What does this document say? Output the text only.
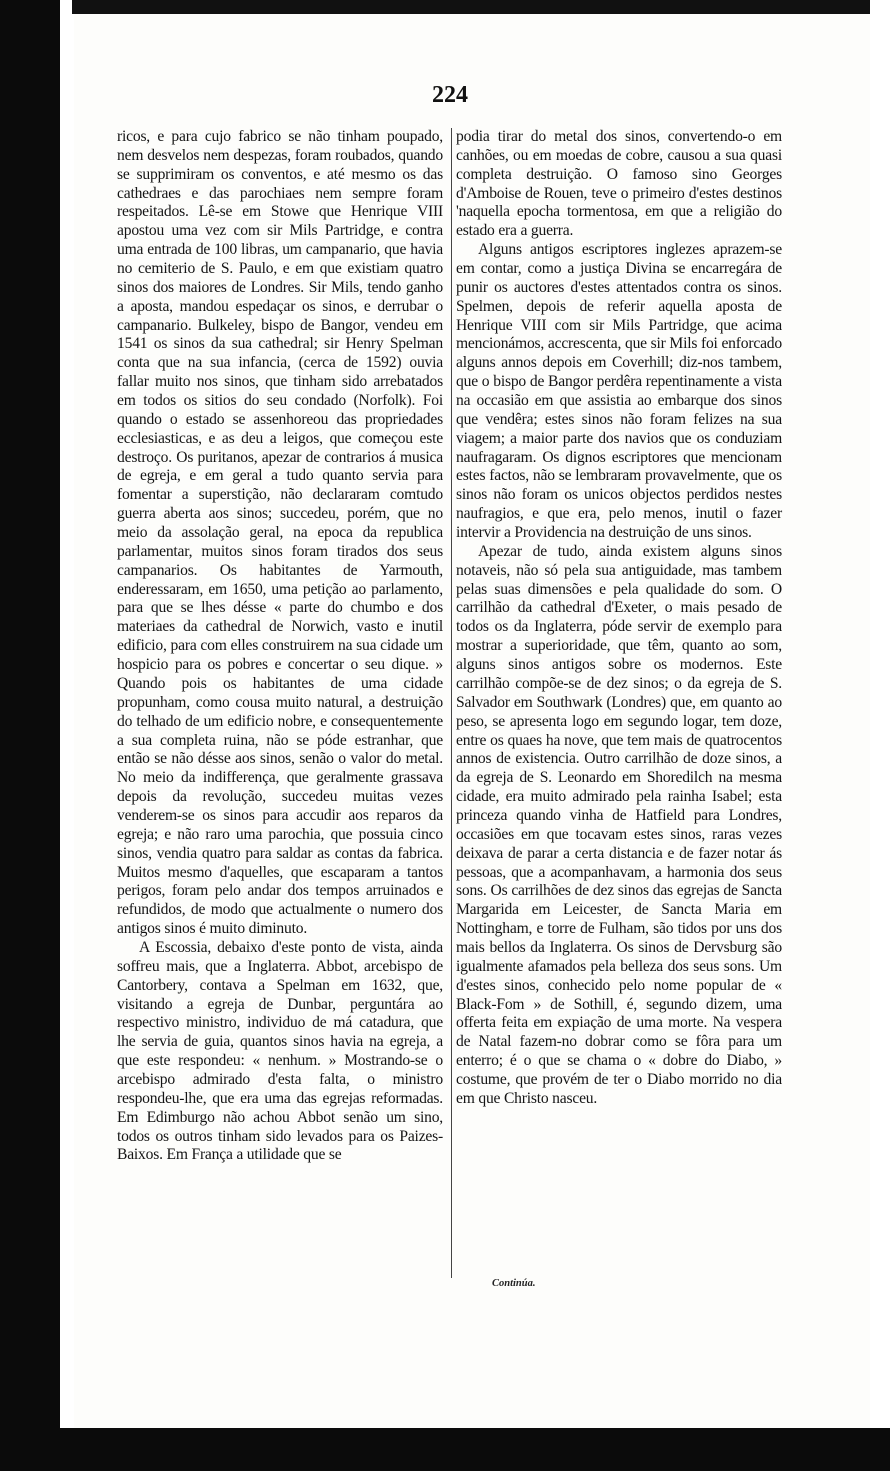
224

ricos, e para cujo fabrico se não tinham poupado, nem desvelos nem despezas, foram roubados, quando se supprimiram os conventos, e até mesmo os das cathedraes e das parochiaes nem sempre foram respeitados. Lê-se em Stowe que Henrique VIII apostou uma vez com sir Mils Partridge, e contra uma entrada de 100 libras, um campanario, que havia no cemiterio de S. Paulo, e em que existiam quatro sinos dos maiores de Londres. Sir Mils, tendo ganho a aposta, mandou espedaçar os sinos, e derrubar o campanario. Bulkeley, bispo de Bangor, vendeu em 1541 os sinos da sua cathedral; sir Henry Spelman conta que na sua infancia, (cerca de 1592) ouvia fallar muito nos sinos, que tinham sido arrebatados em todos os sitios do seu condado (Norfolk). Foi quando o estado se assenhoreou das propriedades ecclesiasticas, e as deu a leigos, que começou este destroço. Os puritanos, apezar de contrarios á musica de egreja, e em geral a tudo quanto servia para fomentar a superstição, não declararam comtudo guerra aberta aos sinos; succedeu, porém, que no meio da assolação geral, na epoca da republica parlamentar, muitos sinos foram tirados dos seus campanarios. Os habitantes de Yarmouth, enderessaram, em 1650, uma petição ao parlamento, para que se lhes désse « parte do chumbo e dos materiaes da cathedral de Norwich, vasto e inutil edificio, para com elles construirem na sua cidade um hospicio para os pobres e concertar o seu dique. » Quando pois os habitantes de uma cidade propunham, como cousa muito natural, a destruição do telhado de um edificio nobre, e consequentemente a sua completa ruina, não se póde estranhar, que então se não désse aos sinos, senão o valor do metal. No meio da indifferença, que geralmente grassava depois da revolução, succedeu muitas vezes venderem-se os sinos para accudir aos reparos da egreja; e não raro uma parochia, que possuia cinco sinos, vendia quatro para saldar as contas da fabrica. Muitos mesmo d'aquelles, que escaparam a tantos perigos, foram pelo andar dos tempos arruinados e refundidos, de modo que actualmente o numero dos antigos sinos é muito diminuto.

A Escossia, debaixo d'este ponto de vista, ainda soffreu mais, que a Inglaterra. Abbot, arcebispo de Cantorbery, contava a Spelman em 1632, que, visitando a egreja de Dunbar, perguntára ao respectivo ministro, individuo de má catadura, que lhe servia de guia, quantos sinos havia na egreja, a que este respondeu: « nenhum. » Mostrando-se o arcebispo admirado d'esta falta, o ministro respondeu-lhe, que era uma das egrejas reformadas. Em Edimburgo não achou Abbot senão um sino, todos os outros tinham sido levados para os Paizes-Baixos. Em França a utilidade que se

podia tirar do metal dos sinos, convertendo-o em canhões, ou em moedas de cobre, causou a sua quasi completa destruição. O famoso sino Georges d'Amboise de Rouen, teve o primeiro d'estes destinos 'naquella epocha tormentosa, em que a religião do estado era a guerra.

Alguns antigos escriptores inglezes aprazem-se em contar, como a justiça Divina se encarregára de punir os auctores d'estes attentados contra os sinos. Spelmen, depois de referir aquella aposta de Henrique VIII com sir Mils Partridge, que acima mencionámos, accrescenta, que sir Mils foi enforcado alguns annos depois em Coverhill; diz-nos tambem, que o bispo de Bangor perdêra repentinamente a vista na occasião em que assistia ao embarque dos sinos que vendêra; estes sinos não foram felizes na sua viagem; a maior parte dos navios que os conduziam naufragaram. Os dignos escriptores que mencionam estes factos, não se lembraram provavelmente, que os sinos não foram os unicos objectos perdidos nestes naufragios, e que era, pelo menos, inutil o fazer intervir a Providencia na destruição de uns sinos.

Apezar de tudo, ainda existem alguns sinos notaveis, não só pela sua antiguidade, mas tambem pelas suas dimensões e pela qualidade do som. O carrilhão da cathedral d'Exeter, o mais pesado de todos os da Inglaterra, póde servir de exemplo para mostrar a superioridade, que têm, quanto ao som, alguns sinos antigos sobre os modernos. Este carrilhão compõe-se de dez sinos; o da egreja de S. Salvador em Southwark (Londres) que, em quanto ao peso, se apresenta logo em segundo logar, tem doze, entre os quaes ha nove, que tem mais de quatrocentos annos de existencia. Outro carrilhão de doze sinos, a da egreja de S. Leonardo em Shoredilch na mesma cidade, era muito admirado pela rainha Isabel; esta princeza quando vinha de Hatfield para Londres, occasiões em que tocavam estes sinos, raras vezes deixava de parar a certa distancia e de fazer notar ás pessoas, que a acompanhavam, a harmonia dos seus sons. Os carrilhões de dez sinos das egrejas de Sancta Margarida em Leicester, de Sancta Maria em Nottingham, e torre de Fulham, são tidos por uns dos mais bellos da Inglaterra. Os sinos de Dervsburg são igualmente afamados pela belleza dos seus sons. Um d'estes sinos, conhecido pelo nome popular de « Black-Fom » de Sothill, é, segundo dizem, uma offerta feita em expiação de uma morte. Na vespera de Natal fazem-no dobrar como se fôra para um enterro; é o que se chama o « dobre do Diabo, » costume, que provém de ter o Diabo morrido no dia em que Christo nasceu.

Continúa.
